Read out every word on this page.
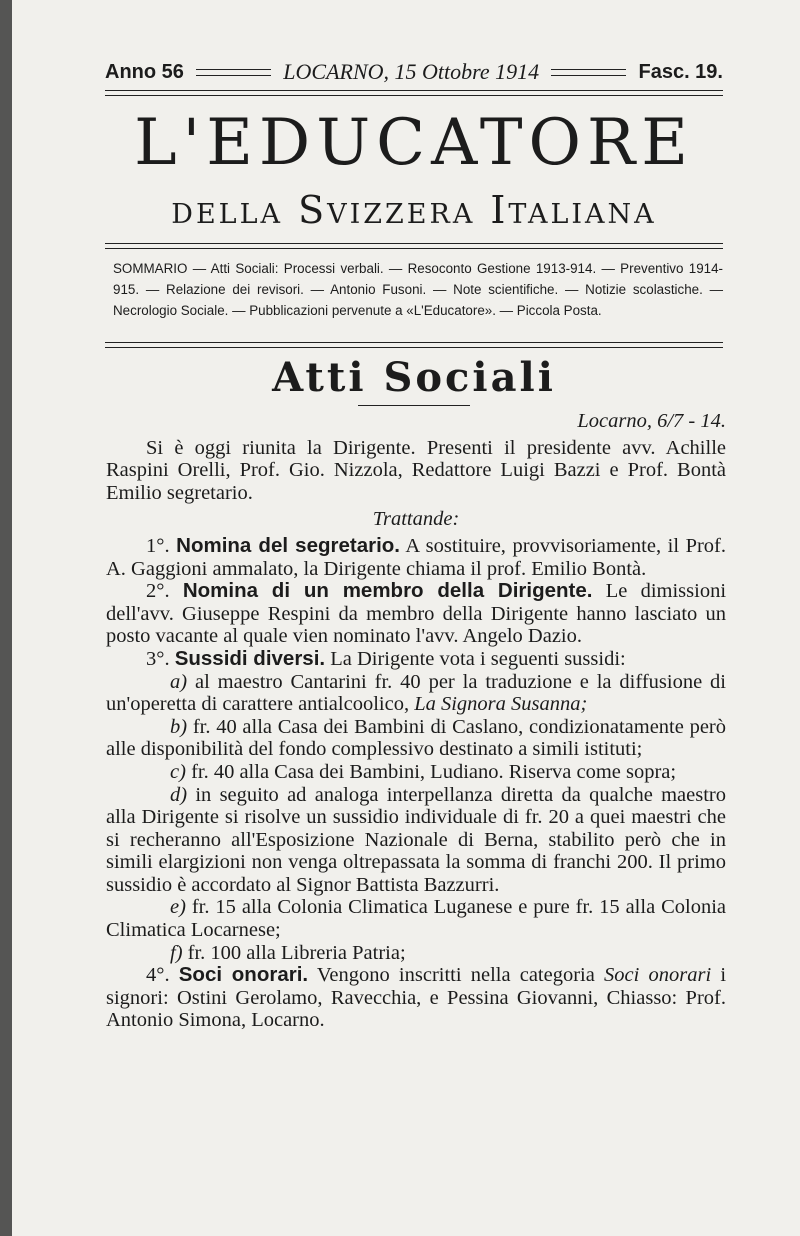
Anno 56	LOCARNO, 15 Ottobre 1914	Fasc. 19.
L'EDUCATORE
della Svizzera Italiana
SOMMARIO — Atti Sociali: Processi verbali. — Resoconto Gestione 1913-914. — Preventivo 1914-915. — Relazione dei revisori. — Antonio Fusoni. — Note scientifiche. — Notizie scolastiche. — Necrologio Sociale. — Pubblicazioni pervenute a «L'Educatore». — Piccola Posta.
Atti Sociali

Locarno, 6/7 - 14.

Si è oggi riunita la Dirigente. Presenti il presidente avv. Achille Raspini Orelli, Prof. Gio. Nizzola, Redattore Luigi Bazzi e Prof. Bontà Emilio segretario.

Trattande:

1°. Nomina del segretario. A sostituire, provvisoriamente, il Prof. A. Gaggioni ammalato, la Dirigente chiama il prof. Emilio Bontà.

2°. Nomina di un membro della Dirigente. Le dimissioni dell'avv. Giuseppe Respini da membro della Dirigente hanno lasciato un posto vacante al quale vien nominato l'avv. Angelo Dazio.

3°. Sussidi diversi. La Dirigente vota i seguenti sussidi:

a) al maestro Cantarini fr. 40 per la traduzione e la diffusione di un'operetta di carattere antialcoolico, La Signora Susanna;

b) fr. 40 alla Casa dei Bambini di Caslano, condizionatamente però alle disponibilità del fondo complessivo destinato a simili istituti;

c) fr. 40 alla Casa dei Bambini, Ludiano. Riserva come sopra;

d) in seguito ad analoga interpellanza diretta da qualche maestro alla Dirigente si risolve un sussidio individuale di fr. 20 a quei maestri che si recheranno all'Esposizione Nazionale di Berna, stabilito però che in simili elargizioni non venga oltrepassata la somma di franchi 200. Il primo sussidio è accordato al Signor Battista Bazzurri.

e) fr. 15 alla Colonia Climatica Luganese e pure fr. 15 alla Colonia Climatica Locarnese;

f) fr. 100 alla Libreria Patria;

4°. Soci onorari. Vengono inscritti nella categoria Soci onorari i signori: Ostini Gerolamo, Ravecchia, e Pessina Giovanni, Chiasso: Prof. Antonio Simona, Locarno.
